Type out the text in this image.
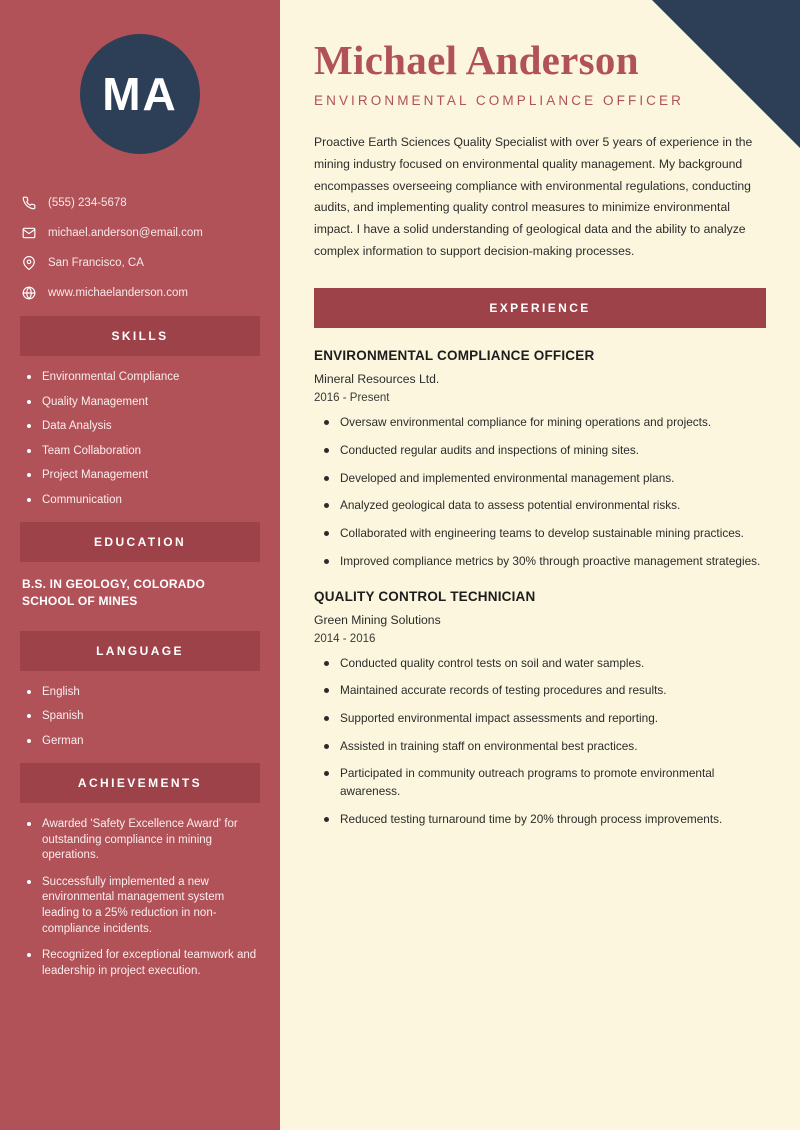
MA
(555) 234-5678
michael.anderson@email.com
San Francisco, CA
www.michaelanderson.com
SKILLS
Environmental Compliance
Quality Management
Data Analysis
Team Collaboration
Project Management
Communication
EDUCATION
B.S. IN GEOLOGY, COLORADO SCHOOL OF MINES
LANGUAGE
English
Spanish
German
ACHIEVEMENTS
Awarded 'Safety Excellence Award' for outstanding compliance in mining operations.
Successfully implemented a new environmental management system leading to a 25% reduction in non-compliance incidents.
Recognized for exceptional teamwork and leadership in project execution.
Michael Anderson
ENVIRONMENTAL COMPLIANCE OFFICER

Proactive Earth Sciences Quality Specialist with over 5 years of experience in the mining industry focused on environmental quality management. My background encompasses overseeing compliance with environmental regulations, conducting audits, and implementing quality control measures to minimize environmental impact. I have a solid understanding of geological data and the ability to analyze complex information to support decision-making processes.

EXPERIENCE
ENVIRONMENTAL COMPLIANCE OFFICER
Mineral Resources Ltd.
2016 - Present
Oversaw environmental compliance for mining operations and projects.
Conducted regular audits and inspections of mining sites.
Developed and implemented environmental management plans.
Analyzed geological data to assess potential environmental risks.
Collaborated with engineering teams to develop sustainable mining practices.
Improved compliance metrics by 30% through proactive management strategies.
QUALITY CONTROL TECHNICIAN
Green Mining Solutions
2014 - 2016
Conducted quality control tests on soil and water samples.
Maintained accurate records of testing procedures and results.
Supported environmental impact assessments and reporting.
Assisted in training staff on environmental best practices.
Participated in community outreach programs to promote environmental awareness.
Reduced testing turnaround time by 20% through process improvements.
